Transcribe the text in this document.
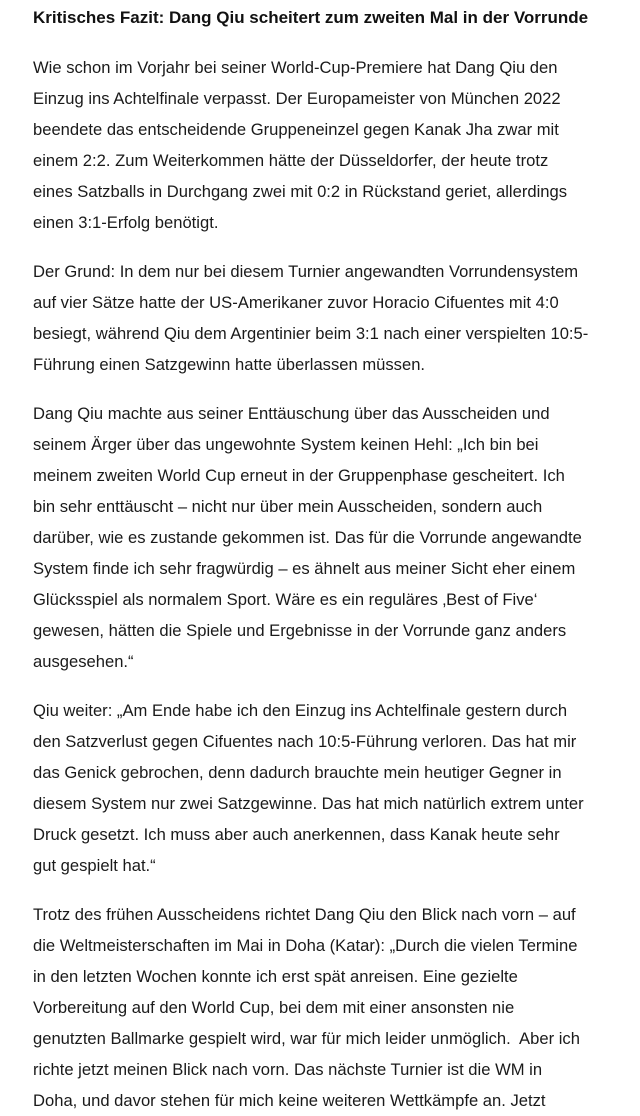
Kritisches Fazit: Dang Qiu scheitert zum zweiten Mal in der Vorrunde

Wie schon im Vorjahr bei seiner World-Cup-Premiere hat Dang Qiu den
Einzug ins Achtelfinale verpasst. Der Europameister von München 2022
beendete das entscheidende Gruppeneinzel gegen Kanak Jha zwar mit
einem 2:2. Zum Weiterkommen hätte der Düsseldorfer, der heute trotz
eines Satzballs in Durchgang zwei mit 0:2 in Rückstand geriet, allerdings
einen 3:1-Erfolg benötigt.

Der Grund: In dem nur bei diesem Turnier angewandten Vorrundensystem
auf vier Sätze hatte der US-Amerikaner zuvor Horacio Cifuentes mit 4:0
besiegt, während Qiu dem Argentinier beim 3:1 nach einer verspielten 10:5-
Führung einen Satzgewinn hatte überlassen müssen.

Dang Qiu machte aus seiner Enttäuschung über das Ausscheiden und
seinem Ärger über das ungewohnte System keinen Hehl: „Ich bin bei
meinem zweiten World Cup erneut in der Gruppenphase gescheitert. Ich
bin sehr enttäuscht – nicht nur über mein Ausscheiden, sondern auch
darüber, wie es zustande gekommen ist. Das für die Vorrunde angewandte
System finde ich sehr fragwürdig – es ähnelt aus meiner Sicht eher einem
Glücksspiel als normalem Sport. Wäre es ein reguläres ‚Best of Five‘
gewesen, hätten die Spiele und Ergebnisse in der Vorrunde ganz anders
ausgesehen.“

Qiu weiter: „Am Ende habe ich den Einzug ins Achtelfinale gestern durch
den Satzverlust gegen Cifuentes nach 10:5-Führung verloren. Das hat mir
das Genick gebrochen, denn dadurch brauchte mein heutiger Gegner in
diesem System nur zwei Satzgewinne. Das hat mich natürlich extrem unter
Druck gesetzt. Ich muss aber auch anerkennen, dass Kanak heute sehr
gut gespielt hat.“

Trotz des frühen Ausscheidens richtet Dang Qiu den Blick nach vorn – auf
die Weltmeisterschaften im Mai in Doha (Katar): „Durch die vielen Termine
in den letzten Wochen konnte ich erst spät anreisen. Eine gezielte
Vorbereitung auf den World Cup, bei dem mit einer ansonsten nie
genutzten Ballmarke gespielt wird, war für mich leider unmöglich.  Aber ich
richte jetzt meinen Blick nach vorn. Das nächste Turnier ist die WM in
Doha, und davor stehen für mich keine weiteren Wettkämpfe an. Jetzt
